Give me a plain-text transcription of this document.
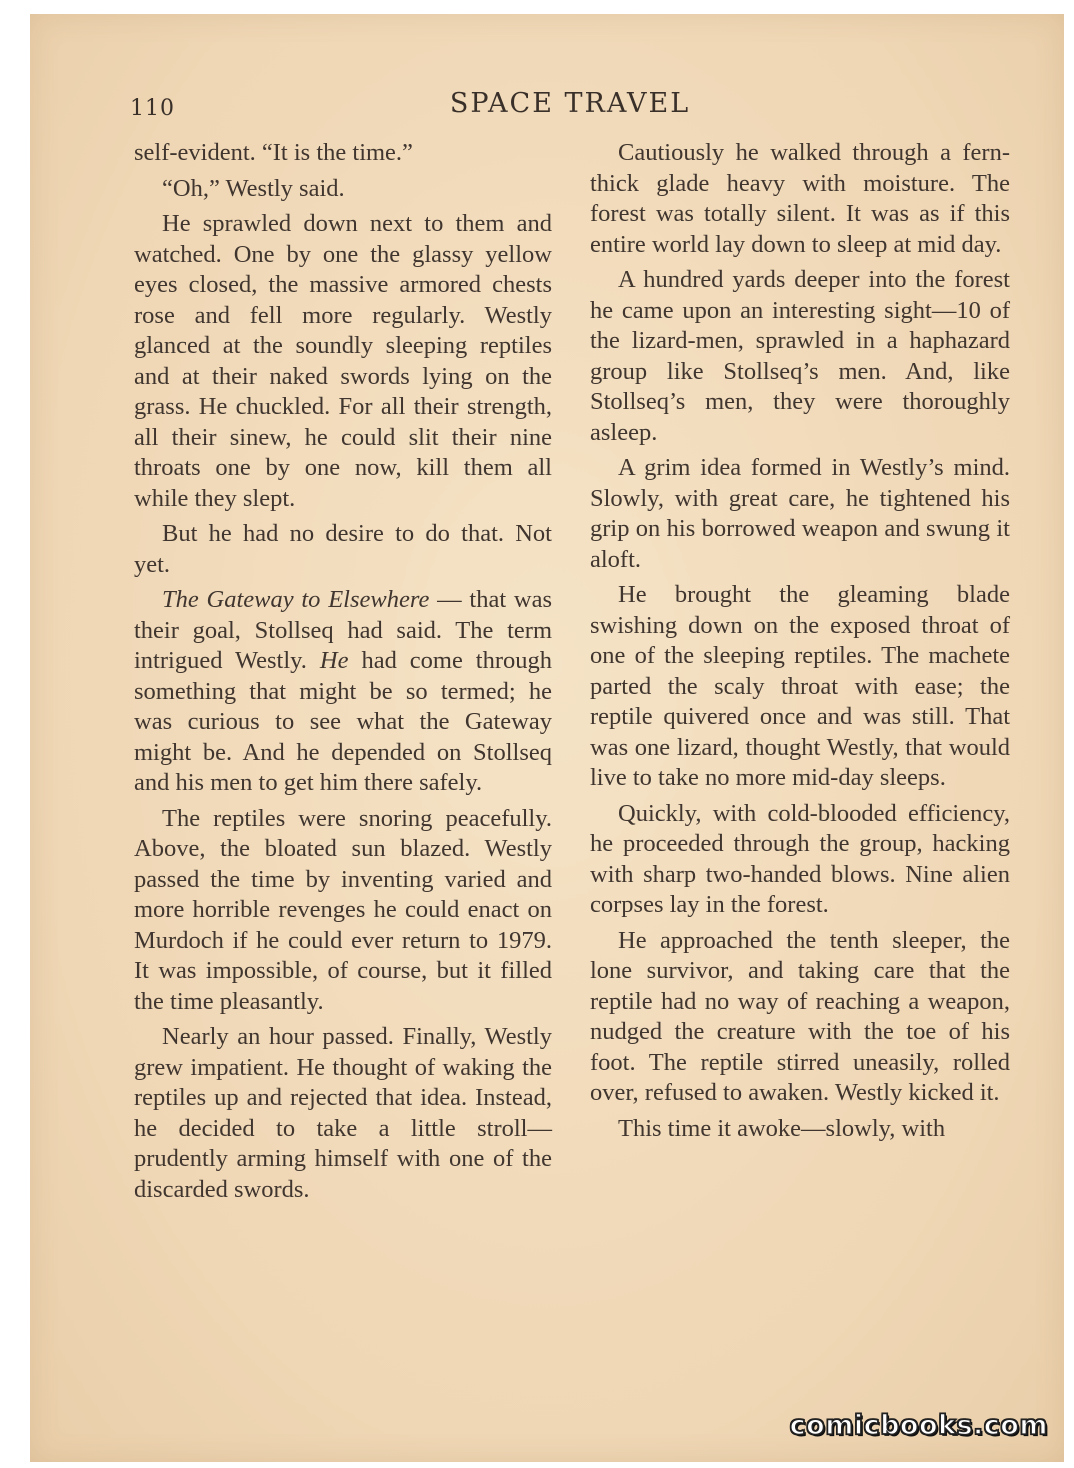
110	SPACE TRAVEL

self-evident. “It is the time.”

“Oh,” Westly said.

He sprawled down next to them and watched. One by one the glassy yellow eyes closed, the massive armored chests rose and fell more regularly. Westly glanced at the soundly sleeping reptiles and at their naked swords lying on the grass. He chuckled. For all their strength, all their sinew, he could slit their nine throats one by one now, kill them all while they slept.

But he had no desire to do that. Not yet.

The Gateway to Elsewhere — that was their goal, Stollseq had said. The term intrigued Westly. He had come through something that might be so termed; he was curious to see what the Gateway might be. And he depended on Stollseq and his men to get him there safely.

The reptiles were snoring peacefully. Above, the bloated sun blazed. Westly passed the time by inventing varied and more horrible revenges he could enact on Murdoch if he could ever return to 1979. It was impossible, of course, but it filled the time pleasantly.

Nearly an hour passed. Finally, Westly grew impatient. He thought of waking the reptiles up and rejected that idea. Instead, he decided to take a little stroll—prudently arming himself with one of the discarded swords.

Cautiously he walked through a fern-thick glade heavy with moisture. The forest was totally silent. It was as if this entire world lay down to sleep at mid day.

A hundred yards deeper into the forest he came upon an interesting sight—10 of the lizard-men, sprawled in a haphazard group like Stollseq’s men. And, like Stollseq’s men, they were thoroughly asleep.

A grim idea formed in Westly’s mind. Slowly, with great care, he tightened his grip on his borrowed weapon and swung it aloft.

He brought the gleaming blade swishing down on the exposed throat of one of the sleeping reptiles. The machete parted the scaly throat with ease; the reptile quivered once and was still. That was one lizard, thought Westly, that would live to take no more mid-day sleeps.

Quickly, with cold-blooded efficiency, he proceeded through the group, hacking with sharp two-handed blows. Nine alien corpses lay in the forest.

He approached the tenth sleeper, the lone survivor, and taking care that the reptile had no way of reaching a weapon, nudged the creature with the toe of his foot. The reptile stirred uneasily, rolled over, refused to awaken. Westly kicked it.

This time it awoke—slowly, with

comicbooks.com
